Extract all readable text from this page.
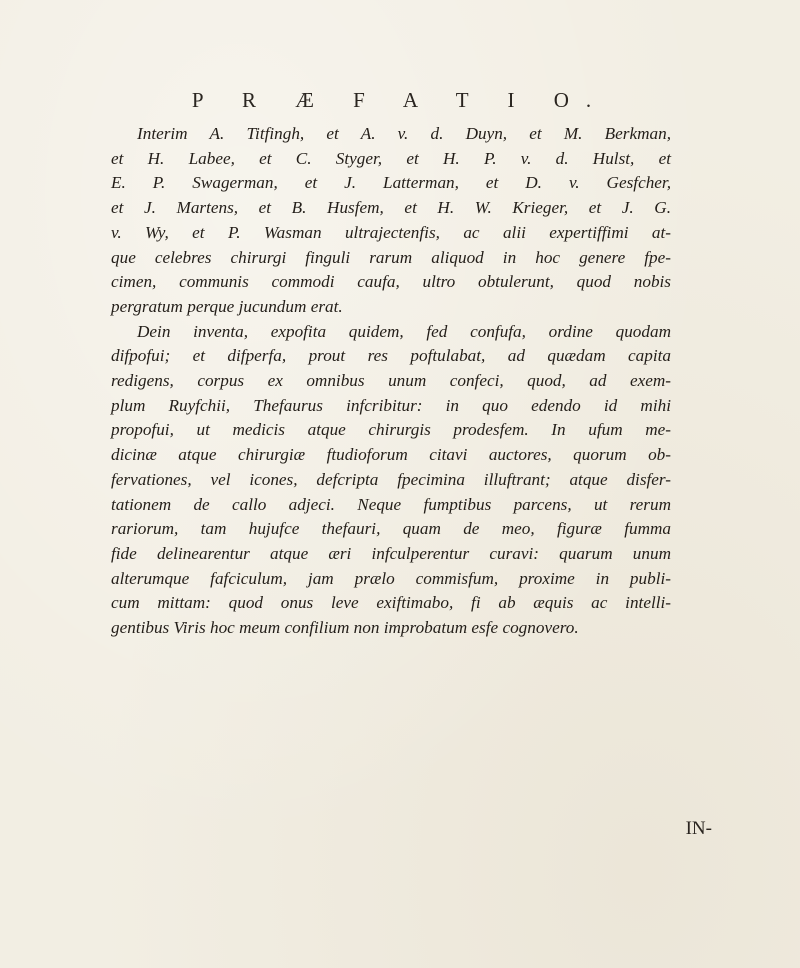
P R Æ F A T I O.

Interim A. Titfingh, et A. v. d. Duyn, et M. Berkman,
et H. Labee, et C. Styger, et H. P. v. d. Hulst, et
E. P. Swagerman, et J. Latterman, et D. v. Gesfcher,
et J. Martens, et B. Husfem, et H. W. Krieger, et J. G.
v. Wy, et P. Wasman ultrajectenfis, ac alii expertiffimi at-
que celebres chirurgi finguli rarum aliquod in hoc genere fpe-
cimen, communis commodi caufa, ultro obtulerunt, quod nobis
pergratum perque jucundum erat.

Dein inventa, expofita quidem, fed confufa, ordine quodam
difpofui; et difperfa, prout res poftulabat, ad quædam capita
redigens, corpus ex omnibus unum confeci, quod, ad exem-
plum Ruyfchii, Thefaurus infcribitur: in quo edendo id mihi
propofui, ut medicis atque chirurgis prodesfem. In ufum me-
dicinæ atque chirurgiæ ftudioforum citavi auctores, quorum ob-
fervationes, vel icones, defcripta fpecimina illuftrant; atque disfer-
tationem de callo adjeci. Neque fumptibus parcens, ut rerum
rariorum, tam hujufce thefauri, quam de meo, figuræ fumma
fide delinearentur atque æri infculperentur curavi: quarum unum
alterumque fafciculum, jam prælo commisfum, proxime in publi-
cum mittam: quod onus leve exiftimabo, fi ab æquis ac intelli-
gentibus Viris hoc meum confilium non improbatum esfe cognovero.

IN-
